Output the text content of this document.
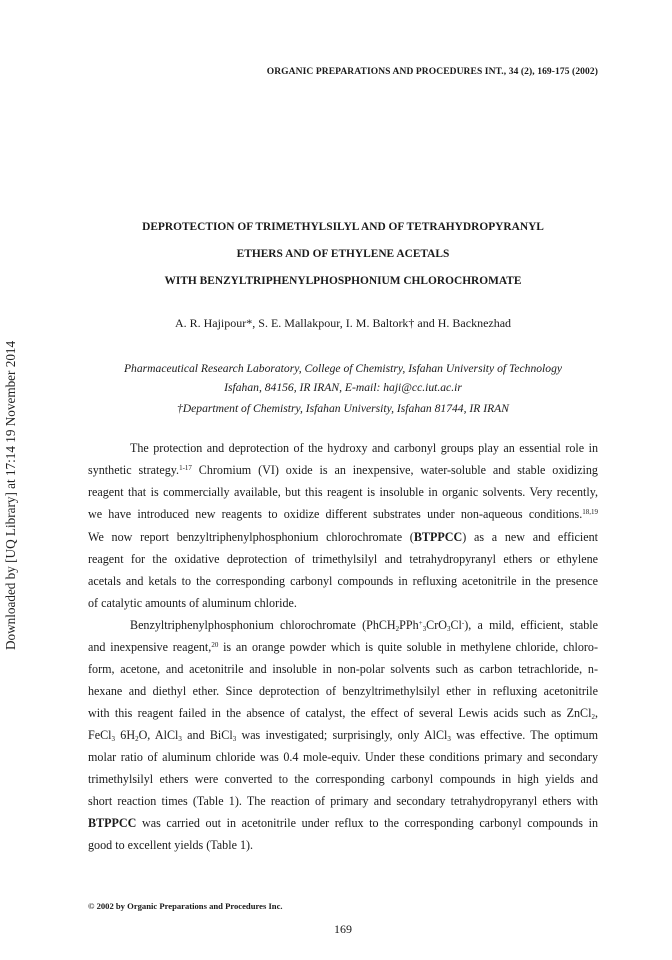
Downloaded by [UQ Library] at 17:14 19 November 2014
ORGANIC PREPARATIONS AND PROCEDURES INT., 34 (2), 169-175 (2002)
DEPROTECTION OF TRIMETHYLSILYL AND OF TETRAHYDROPYRANYL
ETHERS AND OF ETHYLENE ACETALS
WITH BENZYLTRIPHENYLPHOSPHONIUM CHLOROCHROMATE
A. R. Hajipour*, S. E. Mallakpour, I. M. Baltork† and H. Backnezhad
Pharmaceutical Research Laboratory, College of Chemistry, Isfahan University of Technology
Isfahan, 84156, IR IRAN, E-mail: haji@cc.iut.ac.ir
†Department of Chemistry, Isfahan University, Isfahan 81744, IR IRAN
The protection and deprotection of the hydroxy and carbonyl groups play an essential role in
synthetic strategy.$^{1-17}$ Chromium (VI) oxide is an inexpensive, water-soluble and stable oxidizing
reagent that is commercially available, but this reagent is insoluble in organic solvents. Very recently,
we have introduced new reagents to oxidize different substrates under non-aqueous conditions.$^{18,19}$
We now report benzyltriphenylphosphonium chlorochromate (BTPPCC) as a new and efficient
reagent for the oxidative deprotection of trimethylsilyl and tetrahydropyranyl ethers or ethylene
acetals and ketals to the corresponding carbonyl compounds in refluxing acetonitrile in the presence
of catalytic amounts of aluminum chloride.
Benzyltriphenylphosphonium chlorochromate (PhCH$_2$PPh+$_3$CrO$_3$Cl-), a mild, efficient, stable
and inexpensive reagent,$^{20}$ is an orange powder which is quite soluble in methylene chloride, chloro-
form, acetone, and acetonitrile and insoluble in non-polar solvents such as carbon tetrachloride, n-
hexane and diethyl ether. Since deprotection of benzyltrimethylsilyl ether in refluxing acetonitrile
with this reagent failed in the absence of catalyst, the effect of several Lewis acids such as ZnCl$_2$,
FeCl$_3$ $6H_2O$, AlCl$_3$ and BiCl$_3$ was investigated; surprisingly, only AlCl$_3$ was effective. The optimum
molar ratio of aluminum chloride was 0.4 mole-equiv. Under these conditions primary and secondary
trimethylsilyl ethers were converted to the corresponding carbonyl compounds in high yields and
short reaction times (Table 1). The reaction of primary and secondary tetrahydropyranyl ethers with
BTPPCC was carried out in acetonitrile under reflux to the corresponding carbonyl compounds in
good to excellent yields (Table 1).
© 2002 by Organic Preparations and Procedures Inc.
169
